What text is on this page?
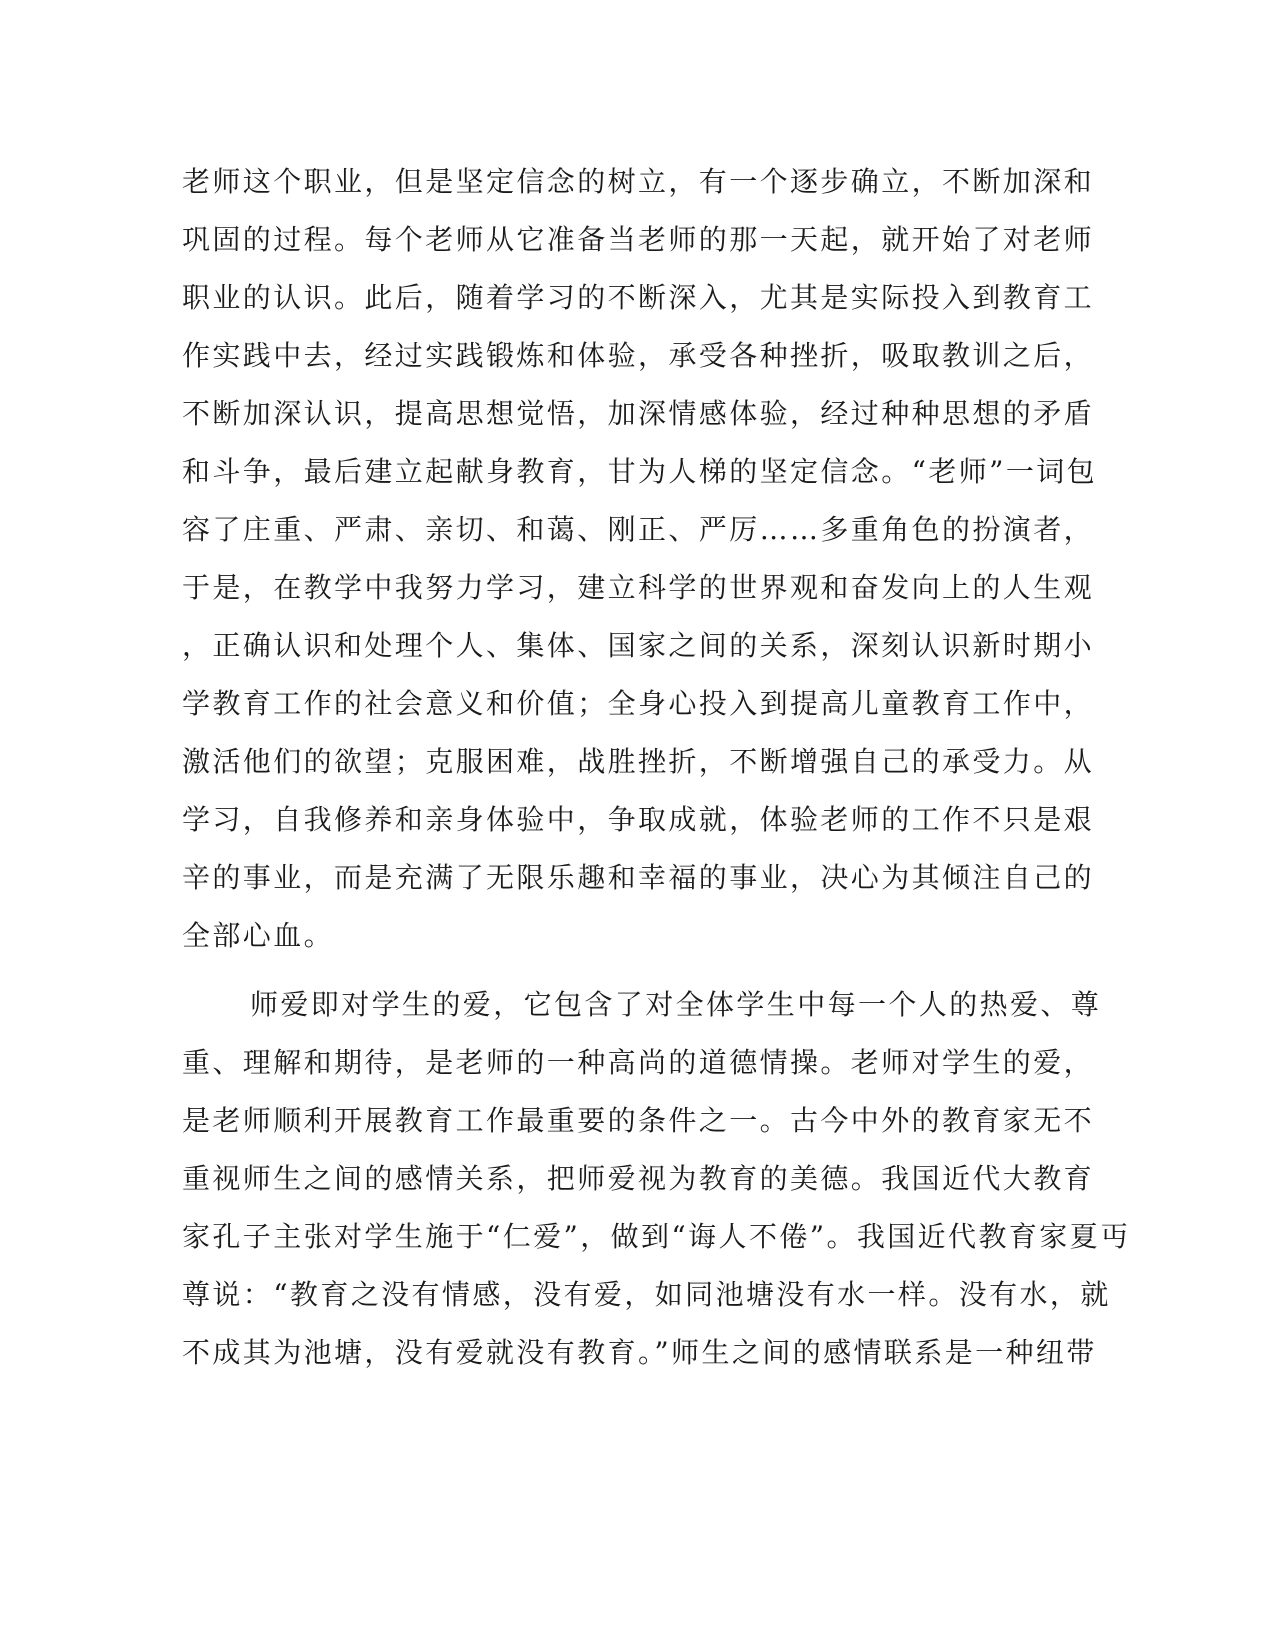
老师这个职业，但是坚定信念的树立，有一个逐步确立，不断加深和
巩固的过程。每个老师从它准备当老师的那一天起，就开始了对老师
职业的认识。此后，随着学习的不断深入，尤其是实际投入到教育工
作实践中去，经过实践锻炼和体验，承受各种挫折，吸取教训之后，
不断加深认识，提高思想觉悟，加深情感体验，经过种种思想的矛盾
和斗争，最后建立起献身教育，甘为人梯的坚定信念。“老师”一词包
容了庄重、严肃、亲切、和蔼、刚正、严厉……多重角色的扮演者，
于是，在教学中我努力学习，建立科学的世界观和奋发向上的人生观
，正确认识和处理个人、集体、国家之间的关系，深刻认识新时期小
学教育工作的社会意义和价值；全身心投入到提高儿童教育工作中，
激活他们的欲望；克服困难，战胜挫折，不断增强自己的承受力。从
学习，自我修养和亲身体验中，争取成就，体验老师的工作不只是艰
辛的事业，而是充满了无限乐趣和幸福的事业，决心为其倾注自己的
全部心血。
师爱即对学生的爱，它包含了对全体学生中每一个人的热爱、尊
重、理解和期待，是老师的一种高尚的道德情操。老师对学生的爱，
是老师顺利开展教育工作最重要的条件之一。古今中外的教育家无不
重视师生之间的感情关系，把师爱视为教育的美德。我国近代大教育
家孔子主张对学生施于“仁爱”，做到“诲人不倦”。我国近代教育家夏丏
尊说：“教育之没有情感，没有爱，如同池塘没有水一样。没有水，就
不成其为池塘，没有爱就没有教育。”师生之间的感情联系是一种纽带
